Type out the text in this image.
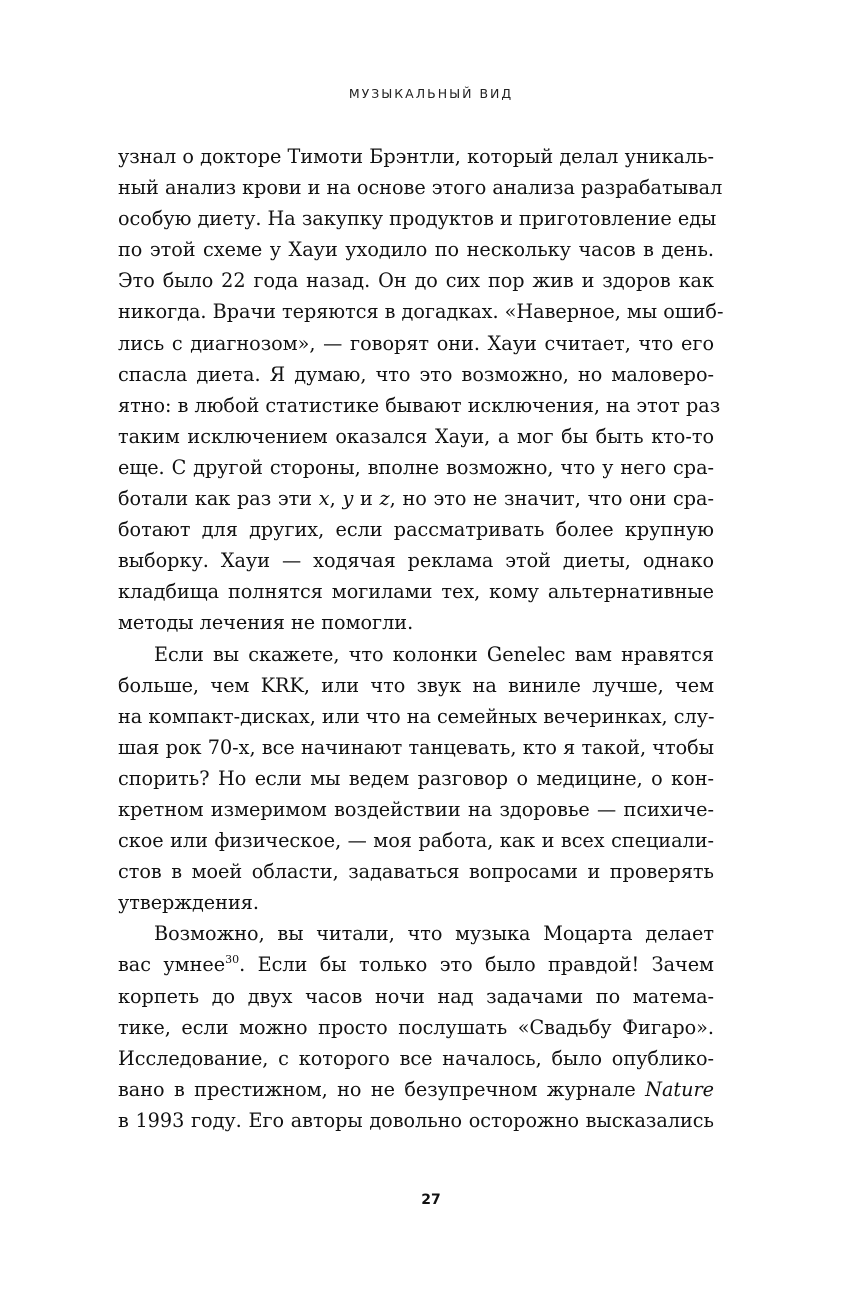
МУЗЫКАЛЬНЫЙ ВИД
узнал о докторе Тимоти Брэнтли, который делал уникаль-
ный анализ крови и на основе этого анализа разрабатывал
особую диету. На закупку продуктов и приготовление еды
по этой схеме у Хауи уходило по нескольку часов в день.
Это было 22 года назад. Он до сих пор жив и здоров как
никогда. Врачи теряются в догадках. «Наверное, мы ошиб-
лись с диагнозом», — говорят они. Хауи считает, что его
спасла диета. Я думаю, что это возможно, но маловеро-
ятно: в любой статистике бывают исключения, на этот раз
таким исключением оказался Хауи, а мог бы быть кто-то
еще. С другой стороны, вполне возможно, что у него сра-
ботали как раз эти x, y и z, но это не значит, что они сра-
ботают для других, если рассматривать более крупную
выборку. Хауи — ходячая реклама этой диеты, однако
кладбища полнятся могилами тех, кому альтернативные
методы лечения не помогли.
Если вы скажете, что колонки Genelec вам нравятся
больше, чем KRK, или что звук на виниле лучше, чем
на компакт-дисках, или что на семейных вечеринках, слу-
шая рок 70-х, все начинают танцевать, кто я такой, чтобы
спорить? Но если мы ведем разговор о медицине, о кон-
кретном измеримом воздействии на здоровье — психиче-
ское или физическое, — моя работа, как и всех специали-
стов в моей области, задаваться вопросами и проверять
утверждения.
Возможно, вы читали, что музыка Моцарта делает
вас умнее$^{30}$. Если бы только это было правдой! Зачем
корпеть до двух часов ночи над задачами по матема-
тике, если можно просто послушать «Свадьбу Фигаро».
Исследование, с которого все началось, было опублико-
вано в престижном, но не безупречном журнале Nature
в 1993 году. Его авторы довольно осторожно высказались
27
